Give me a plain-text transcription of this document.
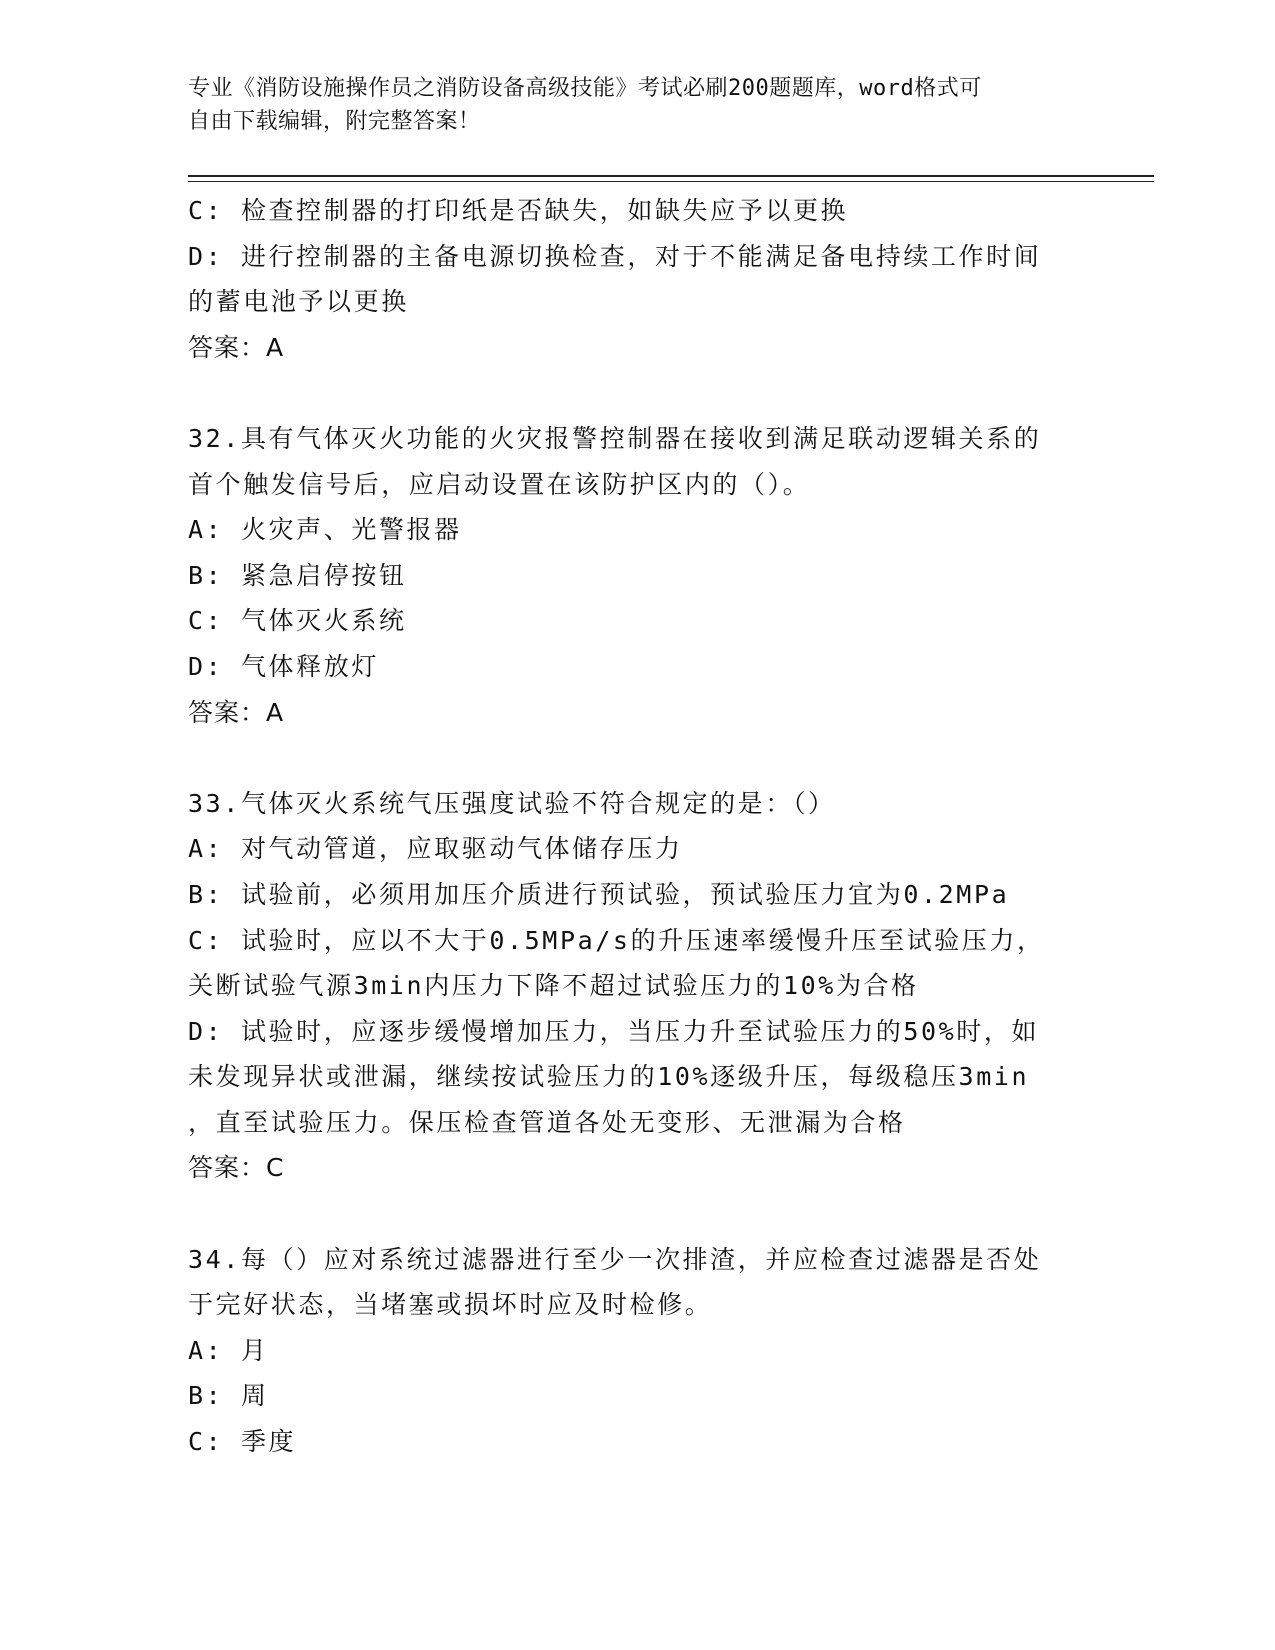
专业《消防设施操作员之消防设备高级技能》考试必刷200题题库，word格式可
自由下载编辑，附完整答案！
C: 检查控制器的打印纸是否缺失，如缺失应予以更换
D: 进行控制器的主备电源切换检查，对于不能满足备电持续工作时间
的蓄电池予以更换
答案：A
32.具有气体灭火功能的火灾报警控制器在接收到满足联动逻辑关系的
首个触发信号后，应启动设置在该防护区内的（）。
A: 火灾声、光警报器
B: 紧急启停按钮
C: 气体灭火系统
D: 气体释放灯
答案：A
33.气体灭火系统气压强度试验不符合规定的是：（）
A: 对气动管道，应取驱动气体储存压力
B: 试验前，必须用加压介质进行预试验，预试验压力宜为0.2MPa
C: 试验时，应以不大于0.5MPa/s的升压速率缓慢升压至试验压力，
关断试验气源3min内压力下降不超过试验压力的10%为合格
D: 试验时，应逐步缓慢增加压力，当压力升至试验压力的50%时，如
未发现异状或泄漏，继续按试验压力的10%逐级升压，每级稳压3min
，直至试验压力。保压检查管道各处无变形、无泄漏为合格
答案：C
34.每（）应对系统过滤器进行至少一次排渣，并应检查过滤器是否处
于完好状态，当堵塞或损坏时应及时检修。
A: 月
B: 周
C: 季度
